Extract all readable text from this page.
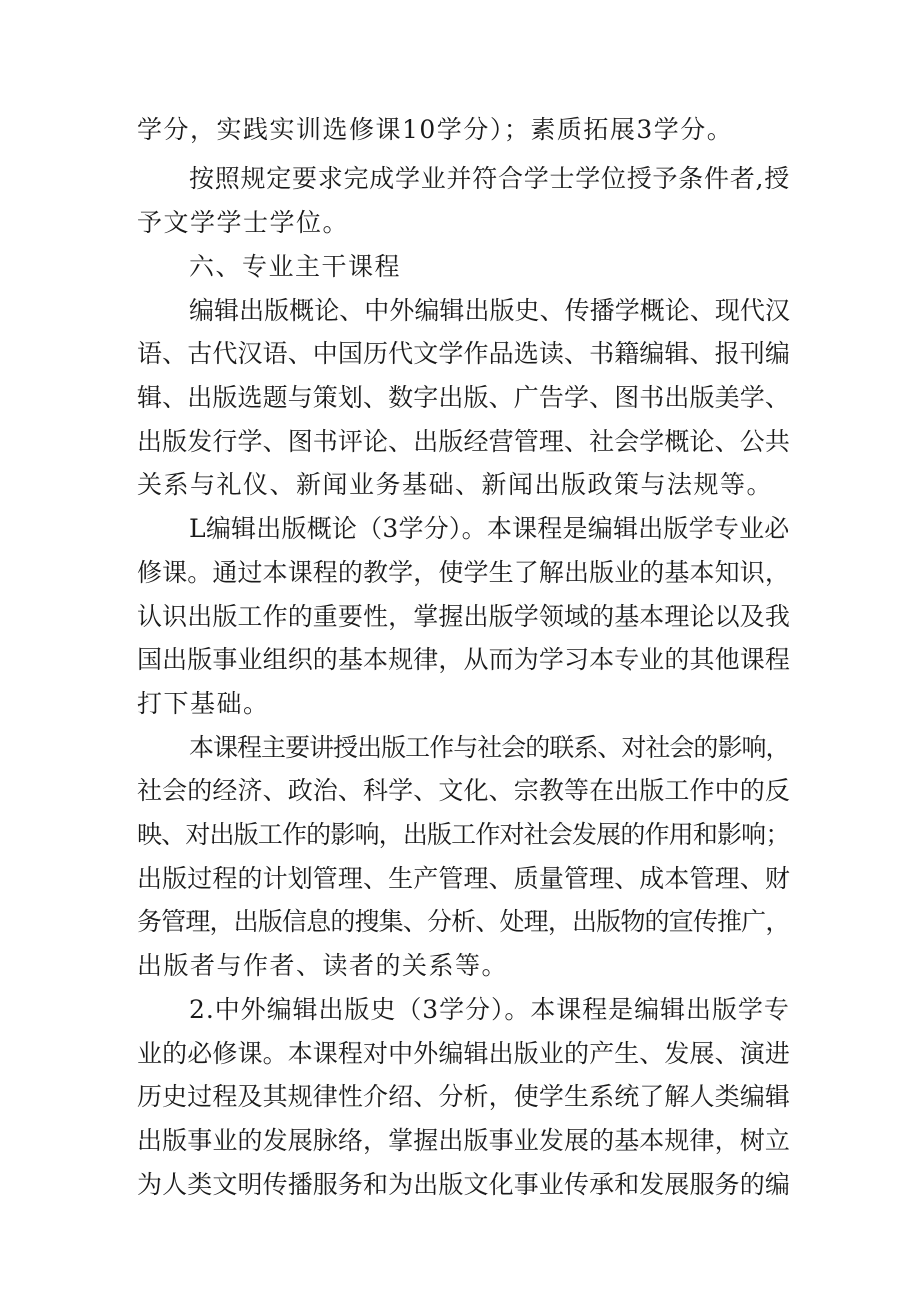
学分，实践实训选修课10学分）；素质拓展3学分。
按照规定要求完成学业并符合学士学位授予条件者,授
予文学学士学位。
六、专业主干课程
编辑出版概论、中外编辑出版史、传播学概论、现代汉
语、古代汉语、中国历代文学作品选读、书籍编辑、报刊编
辑、出版选题与策划、数字出版、广告学、图书出版美学、
出版发行学、图书评论、出版经营管理、社会学概论、公共
关系与礼仪、新闻业务基础、新闻出版政策与法规等。
L编辑出版概论（3学分）。本课程是编辑出版学专业必
修课。通过本课程的教学，使学生了解出版业的基本知识，
认识出版工作的重要性，掌握出版学领域的基本理论以及我
国出版事业组织的基本规律，从而为学习本专业的其他课程
打下基础。
本课程主要讲授出版工作与社会的联系、对社会的影响，
社会的经济、政治、科学、文化、宗教等在出版工作中的反
映、对出版工作的影响，出版工作对社会发展的作用和影响；
出版过程的计划管理、生产管理、质量管理、成本管理、财
务管理，出版信息的搜集、分析、处理，出版物的宣传推广，
出版者与作者、读者的关系等。
2.中外编辑出版史（3学分）。本课程是编辑出版学专
业的必修课。本课程对中外编辑出版业的产生、发展、演进
历史过程及其规律性介绍、分析，使学生系统了解人类编辑
出版事业的发展脉络，掌握出版事业发展的基本规律，树立
为人类文明传播服务和为出版文化事业传承和发展服务的编
